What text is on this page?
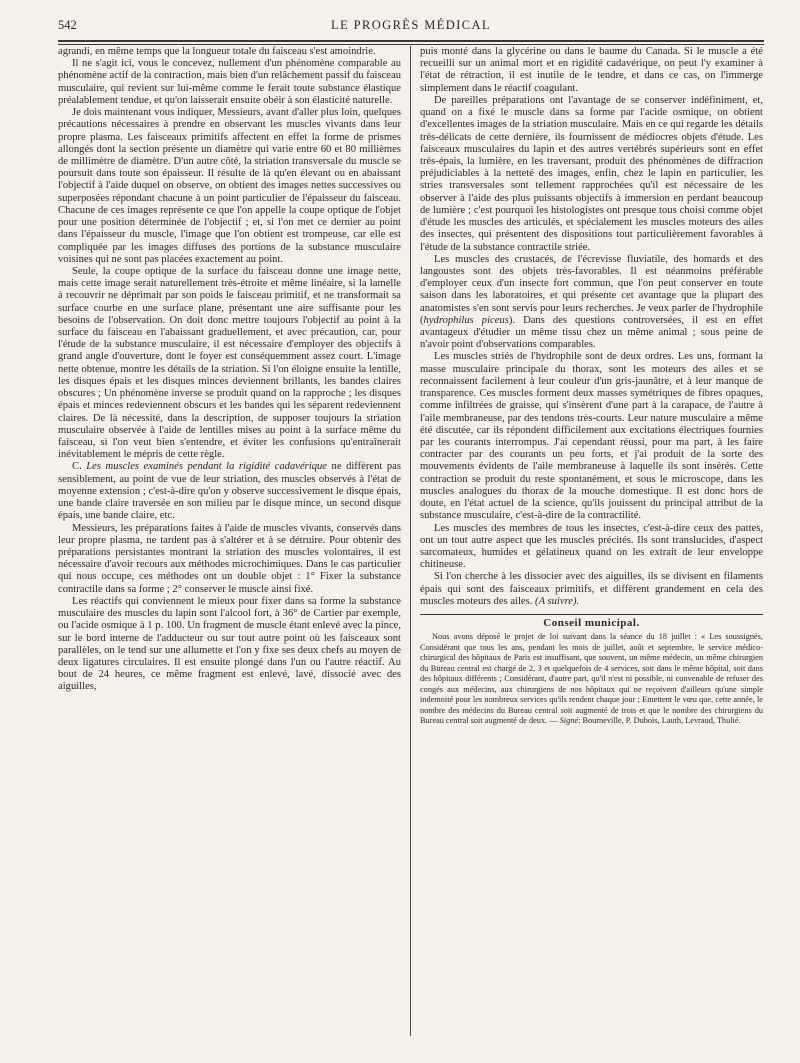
542	LE PROGRÈS MÉDICAL

agrandi, en même temps que la longueur totale du faisceau s'est amoindrie.

Il ne s'agit ici, vous le concevez, nullement d'un phénomène comparable au phénomène actif de la contraction, mais bien d'un relâchement passif du faisceau musculaire, qui revient sur lui-même comme le ferait toute substance élastique préalablement tendue, et qu'on laisserait ensuite obéir à son élasticité naturelle.

Je dois maintenant vous indiquer, Messieurs, avant d'aller plus loin, quelques précautions nécessaires à prendre en observant les muscles vivants dans leur propre plasma. Les faisceaux primitifs affectent en effet la forme de prismes allongés dont la section présente un diamètre qui varie entre 60 et 80 millièmes de millimètre de diamètre. D'un autre côté, la striation transversale du muscle se poursuit dans toute son épaisseur. Il résulte de là qu'en élevant ou en abaissant l'objectif à l'aide duquel on observe, on obtient des images nettes successives ou superposées répondant chacune à un point particulier de l'épaisseur du faisceau. Chacune de ces images représente ce que l'on appelle la coupe optique de l'objet pour une position déterminée de l'objectif ; et, si l'on met ce dernier au point dans l'épaisseur du muscle, l'image que l'on obtient est trompeuse, car elle est compliquée par les images diffuses des portions de la substance musculaire voisines qui ne sont pas placées exactement au point.

Seule, la coupe optique de la surface du faisceau donne une image nette, mais cette image serait naturellement très-étroite et même linéaire, si la lamelle à recouvrir ne déprimait par son poids le faisceau primitif, et ne transformait sa surface courbe en une surface plane, présentant une aire suffisante pour les besoins de l'observation. On doit donc mettre toujours l'objectif au point à la surface du faisceau en l'abaissant graduellement, et avec précaution, car, pour l'étude de la substance musculaire, il est nécessaire d'employer des objectifs à grand angle d'ouverture, dont le foyer est conséquemment assez court. L'image nette obtenue, montre les détails de la striation. Si l'on éloigne ensuite la lentille, les disques épais et les disques minces deviennent brillants, les bandes claires obscures ; Un phénomène inverse se produit quand on la rapproche ; les disques épais et minces redeviennent obscurs et les bandes qui les séparent redeviennent claires. De là nécessité, dans la description, de supposer toujours la striation musculaire observée à l'aide de lentilles mises au point à la surface même du faisceau, si l'on veut bien s'entendre, et éviter les confusions qu'entraînerait inévitablement le mépris de cette règle.

C. Les muscles examinés pendant la rigidité cadavérique ne diffèrent pas sensiblement, au point de vue de leur striation, des muscles observés à l'état de moyenne extension ; c'est-à-dire qu'on y observe successivement le disque épais, une bande claire traversée en son milieu par le disque mince, un second disque épais, une bande claire, etc.

Messieurs, les préparations faites à l'aide de muscles vivants, conservés dans leur propre plasma, ne tardent pas à s'altérer et à se détruire. Pour obtenir des préparations persistantes montrant la striation des muscles volontaires, il est nécessaire d'avoir recours aux méthodes microchimiques. Dans le cas particulier qui nous occupe, ces méthodes ont un double objet : 1° Fixer la substance contractile dans sa forme ; 2° conserver le muscle ainsi fixé.

Les réactifs qui conviennent le mieux pour fixer dans sa forme la substance musculaire des muscles du lapin sont l'alcool fort, à 36° de Cartier par exemple, ou l'acide osmique à 1 p. 100. Un fragment de muscle étant enlevé avec la pince, sur le bord interne de l'adducteur ou sur tout autre point où les faisceaux sont parallèles, on le tend sur une allumette et l'on y fixe ses deux chefs au moyen de deux ligatures circulaires. Il est ensuite plongé dans l'un ou l'autre réactif. Au bout de 24 heures, ce même fragment est enlevé, lavé, dissocié avec des aiguilles,

puis monté dans la glycérine ou dans le baume du Canada. Si le muscle a été recueilli sur un animal mort et en rigidité cadavérique, on peut l'y examiner à l'état de rétraction, il est inutile de le tendre, et dans ce cas, on l'immerge simplement dans le réactif coagulant.

De pareilles préparations ont l'avantage de se conserver indéfiniment, et, quand on a fixé le muscle dans sa forme par l'acide osmique, on obtient d'excellentes images de la striation musculaire. Mais en ce qui regarde les détails très-délicats de cette dernière, ils fournissent de médiocres objets d'étude. Les faisceaux musculaires du lapin et des autres vertébrés supérieurs sont en effet très-épais, la lumière, en les traversant, produit des phénomènes de diffraction préjudiciables à la netteté des images, enfin, chez le lapin en particulier, les stries transversales sont tellement rapprochées qu'il est nécessaire de les observer à l'aide des plus puissants objectifs à immersion en perdant beaucoup de lumière ; c'est pourquoi les histologistes ont presque tous choisi comme objet d'étude les muscles des articulés, et spécialement les muscles moteurs des ailes des insectes, qui présentent des dispositions tout particulièrement favorables à l'étude de la substance contractile striée.

Les muscles des crustacés, de l'écrevisse fluviatile, des homards et des langoustes sont des objets très-favorables. Il est néanmoins préférable d'employer ceux d'un insecte fort commun, que l'on peut conserver en toute saison dans les laboratoires, et qui présente cet avantage que la plupart des anatomistes s'en sont servis pour leurs recherches. Je veux parler de l'hydrophile (hydrophilus piceus). Dans des questions controversées, il est en effet avantageux d'étudier un même tissu chez un même animal ; sous peine de n'avoir point d'observations comparables.

Les muscles striés de l'hydrophile sont de deux ordres. Les uns, formant la masse musculaire principale du thorax, sont les moteurs des ailes et se reconnaissent facilement à leur couleur d'un gris-jaunâtre, et à leur manque de transparence. Ces muscles forment deux masses symétriques de fibres opaques, comme infiltrées de graisse, qui s'insèrent d'une part à la carapace, de l'autre à l'aile membraneuse, par des tendons très-courts. Leur nature musculaire a même été discutée, car ils répondent difficilement aux excitations électriques fournies par les courants interrompus. J'ai cependant réussi, pour ma part, à les faire contracter par des courants un peu forts, et j'ai produit de la sorte des mouvements évidents de l'aile membraneuse à laquelle ils sont insérés. Cette contraction se produit du reste spontanément, et sous le microscope, dans les muscles analogues du thorax de la mouche domestique. Il est donc hors de doute, en l'état actuel de la science, qu'ils jouissent du principal attribut de la substance musculaire, c'est-à-dire de la contractilité.

Les muscles des membres de tous les insectes, c'est-à-dire ceux des pattes, ont un tout autre aspect que les muscles précités. Ils sont translucides, d'aspect sarcomateux, humides et gélatineux quand on les extrait de leur enveloppe chitineuse.

Si l'on cherche à les dissocier avec des aiguilles, ils se divisent en filaments épais qui sont des faisceaux primitifs, et diffèrent grandement en cela des muscles moteurs des ailes. (A suivre).

Conseil municipal.

Nous avons déposé le projet de loi suivant dans la séance du 18 juillet : « Les soussignés, Considérant que tous les ans, pendant les mois de juillet, août et septembre, le service médico-chirurgical des hôpitaux de Paris est insuffisant, que souvent, un même médecin, un même chirurgien du Bureau central est chargé de 2, 3 et quelquefois de 4 services, soit dans le même hôpital, soit dans des hôpitaux différents ; Considérant, d'autre part, qu'il n'est ni possible, ni convenable de refuser des congés aux médecins, aux chirurgiens de nos hôpitaux qui ne reçoivent d'ailleurs qu'une simple indemnité pour les nombreux services qu'ils rendent chaque jour ; Emettent le vœu que, cette année, le nombre des médecins du Bureau central soit augmenté de trois et que le nombre des chirurgiens du Bureau central soit augmenté de deux. — Signé: Bourneville, P. Dubois, Lauth, Levraud, Thulié.
